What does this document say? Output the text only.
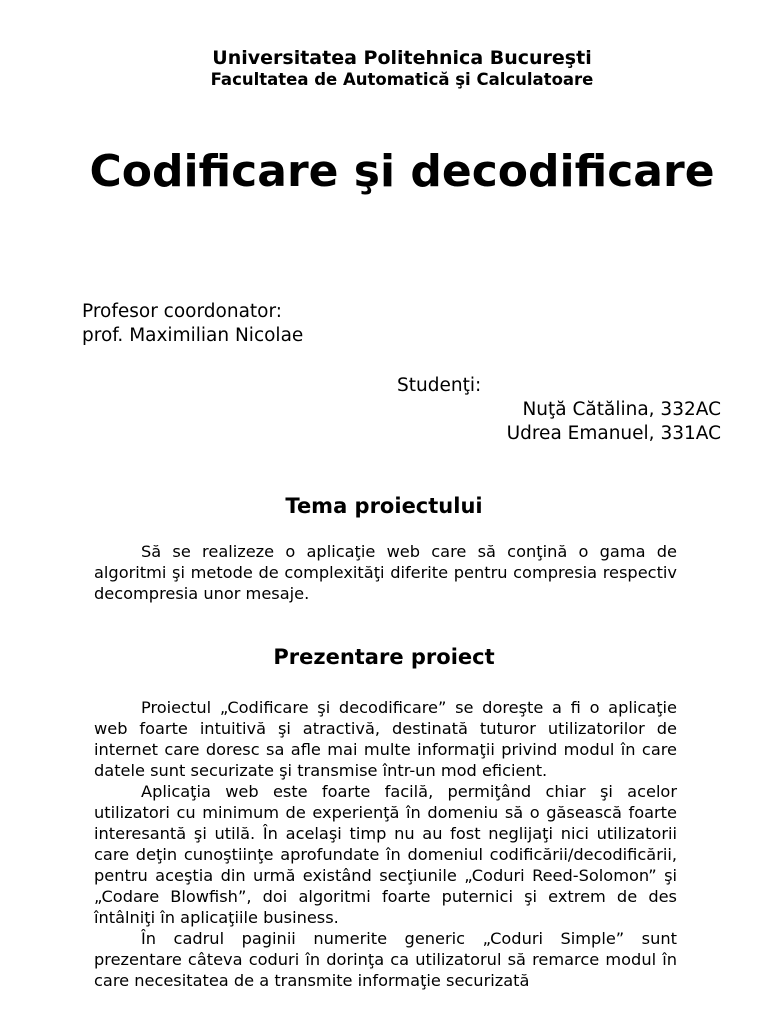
Universitatea Politehnica Bucureşti
Facultatea de Automatică şi Calculatoare
Codificare şi decodificare
Profesor coordonator:
prof. Maximilian Nicolae
Studenţi:
Nuţă Cătălina, 332AC
Udrea Emanuel, 331AC
Tema proiectului

Să se realizeze o aplicaţie web care să conţină o gama de algoritmi şi metode de complexităţi diferite pentru compresia respectiv decompresia unor mesaje.

Prezentare proiect

Proiectul „Codificare şi decodificare” se doreşte a fi o aplicaţie web foarte intuitivă şi atractivă, destinată tuturor utilizatorilor de internet care doresc sa afle mai multe informaţii privind modul în care datele sunt securizate şi transmise într-un mod eficient.

Aplicaţia web este foarte facilă, permiţând chiar şi acelor utilizatori cu minimum de experienţă în domeniu să o găsească foarte interesantă şi utilă. În acelaşi timp nu au fost neglijaţi nici utilizatorii care deţin cunoştiinţe aprofundate în domeniul codificării/decodificării, pentru aceştia din urmă existând secţiunile „Coduri Reed-Solomon” şi „Codare Blowfish”, doi algoritmi foarte puternici şi extrem de des întâlniţi în aplicaţiile business.

În cadrul paginii numerite generic „Coduri Simple” sunt prezentare câteva coduri în dorinţa ca utilizatorul să remarce modul în care necesitatea de a transmite informaţie securizată
